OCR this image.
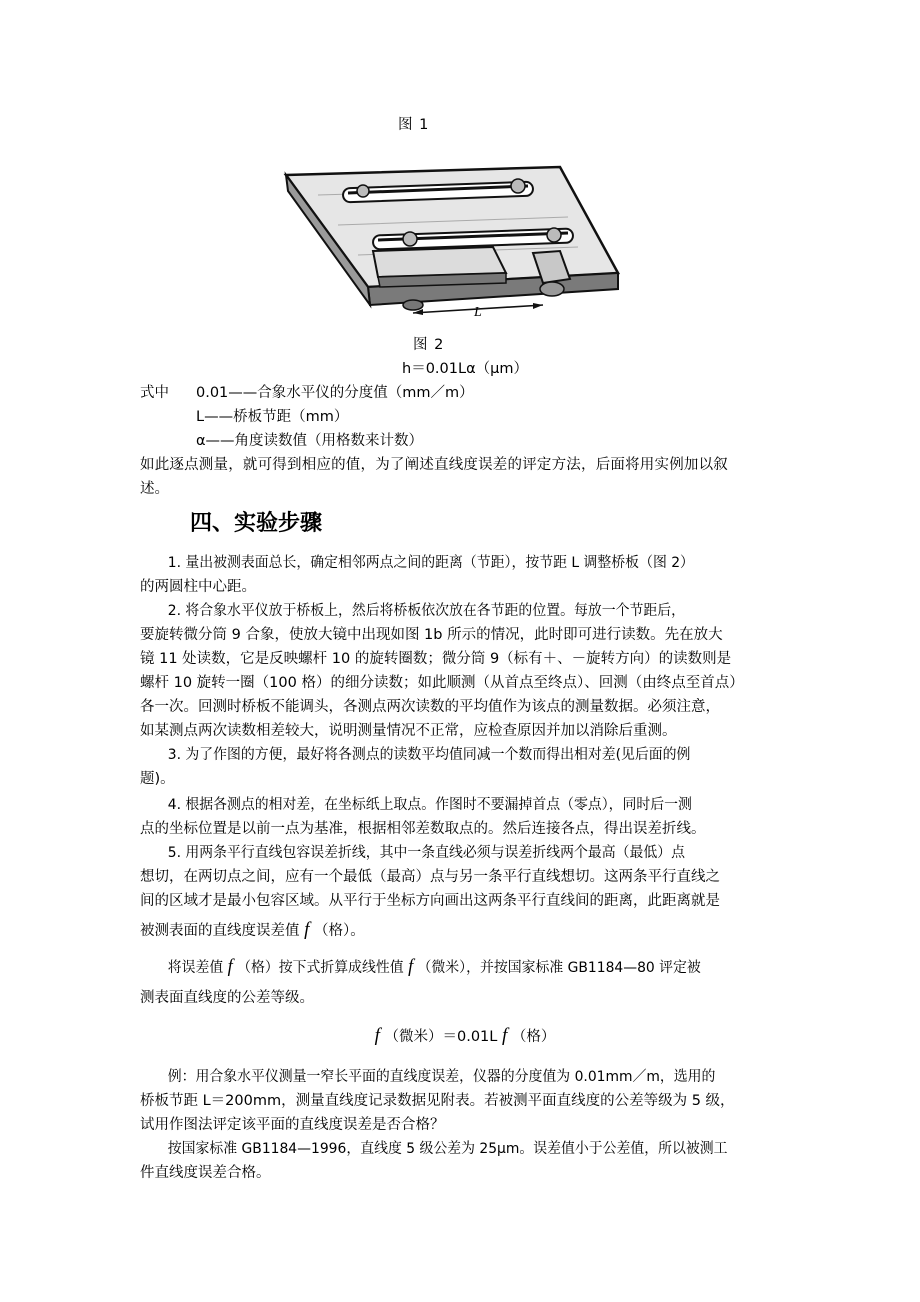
图 1
L
图 2
h＝0.01Lα（μm）
式中 0.01——合象水平仪的分度值（mm／m）
L——桥板节距（mm）
α——角度读数值（用格数来计数）
如此逐点测量，就可得到相应的值，为了阐述直线度误差的评定方法，后面将用实例加以叙
述。
四、实验步骤
1. 量出被测表面总长，确定相邻两点之间的距离（节距），按节距 L 调整桥板（图 2）
的两圆柱中心距。
2. 将合象水平仪放于桥板上，然后将桥板依次放在各节距的位置。每放一个节距后，
要旋转微分筒 9 合象，使放大镜中出现如图 1b 所示的情况，此时即可进行读数。先在放大
镜 11 处读数，它是反映螺杆 10 的旋转圈数；微分筒 9（标有＋、－旋转方向）的读数则是
螺杆 10 旋转一圈（100 格）的细分读数；如此顺测（从首点至终点）、回测（由终点至首点）
各一次。回测时桥板不能调头，各测点两次读数的平均值作为该点的测量数据。必须注意，
如某测点两次读数相差较大，说明测量情况不正常，应检查原因并加以消除后重测。
3. 为了作图的方便，最好将各测点的读数平均值同减一个数而得出相对差(见后面的例
题)。
4. 根据各测点的相对差，在坐标纸上取点。作图时不要漏掉首点（零点），同时后一测
点的坐标位置是以前一点为基准，根据相邻差数取点的。然后连接各点，得出误差折线。
5. 用两条平行直线包容误差折线，其中一条直线必须与误差折线两个最高（最低）点
想切，在两切点之间，应有一个最低（最高）点与另一条平行直线想切。这两条平行直线之
间的区域才是最小包容区域。从平行于坐标方向画出这两条平行直线间的距离，此距离就是
被测表面的直线度误差值 f （格）。
将误差值 f （格）按下式折算成线性值 f （微米），并按国家标准 GB1184—80 评定被
测表面直线度的公差等级。
f （微米）＝0.01L f （格）
例：用合象水平仪测量一窄长平面的直线度误差，仪器的分度值为 0.01mm／m，选用的
桥板节距 L＝200mm，测量直线度记录数据见附表。若被测平面直线度的公差等级为 5 级，
试用作图法评定该平面的直线度误差是否合格？
按国家标准 GB1184—1996，直线度 5 级公差为 25μm。误差值小于公差值，所以被测工
件直线度误差合格。
